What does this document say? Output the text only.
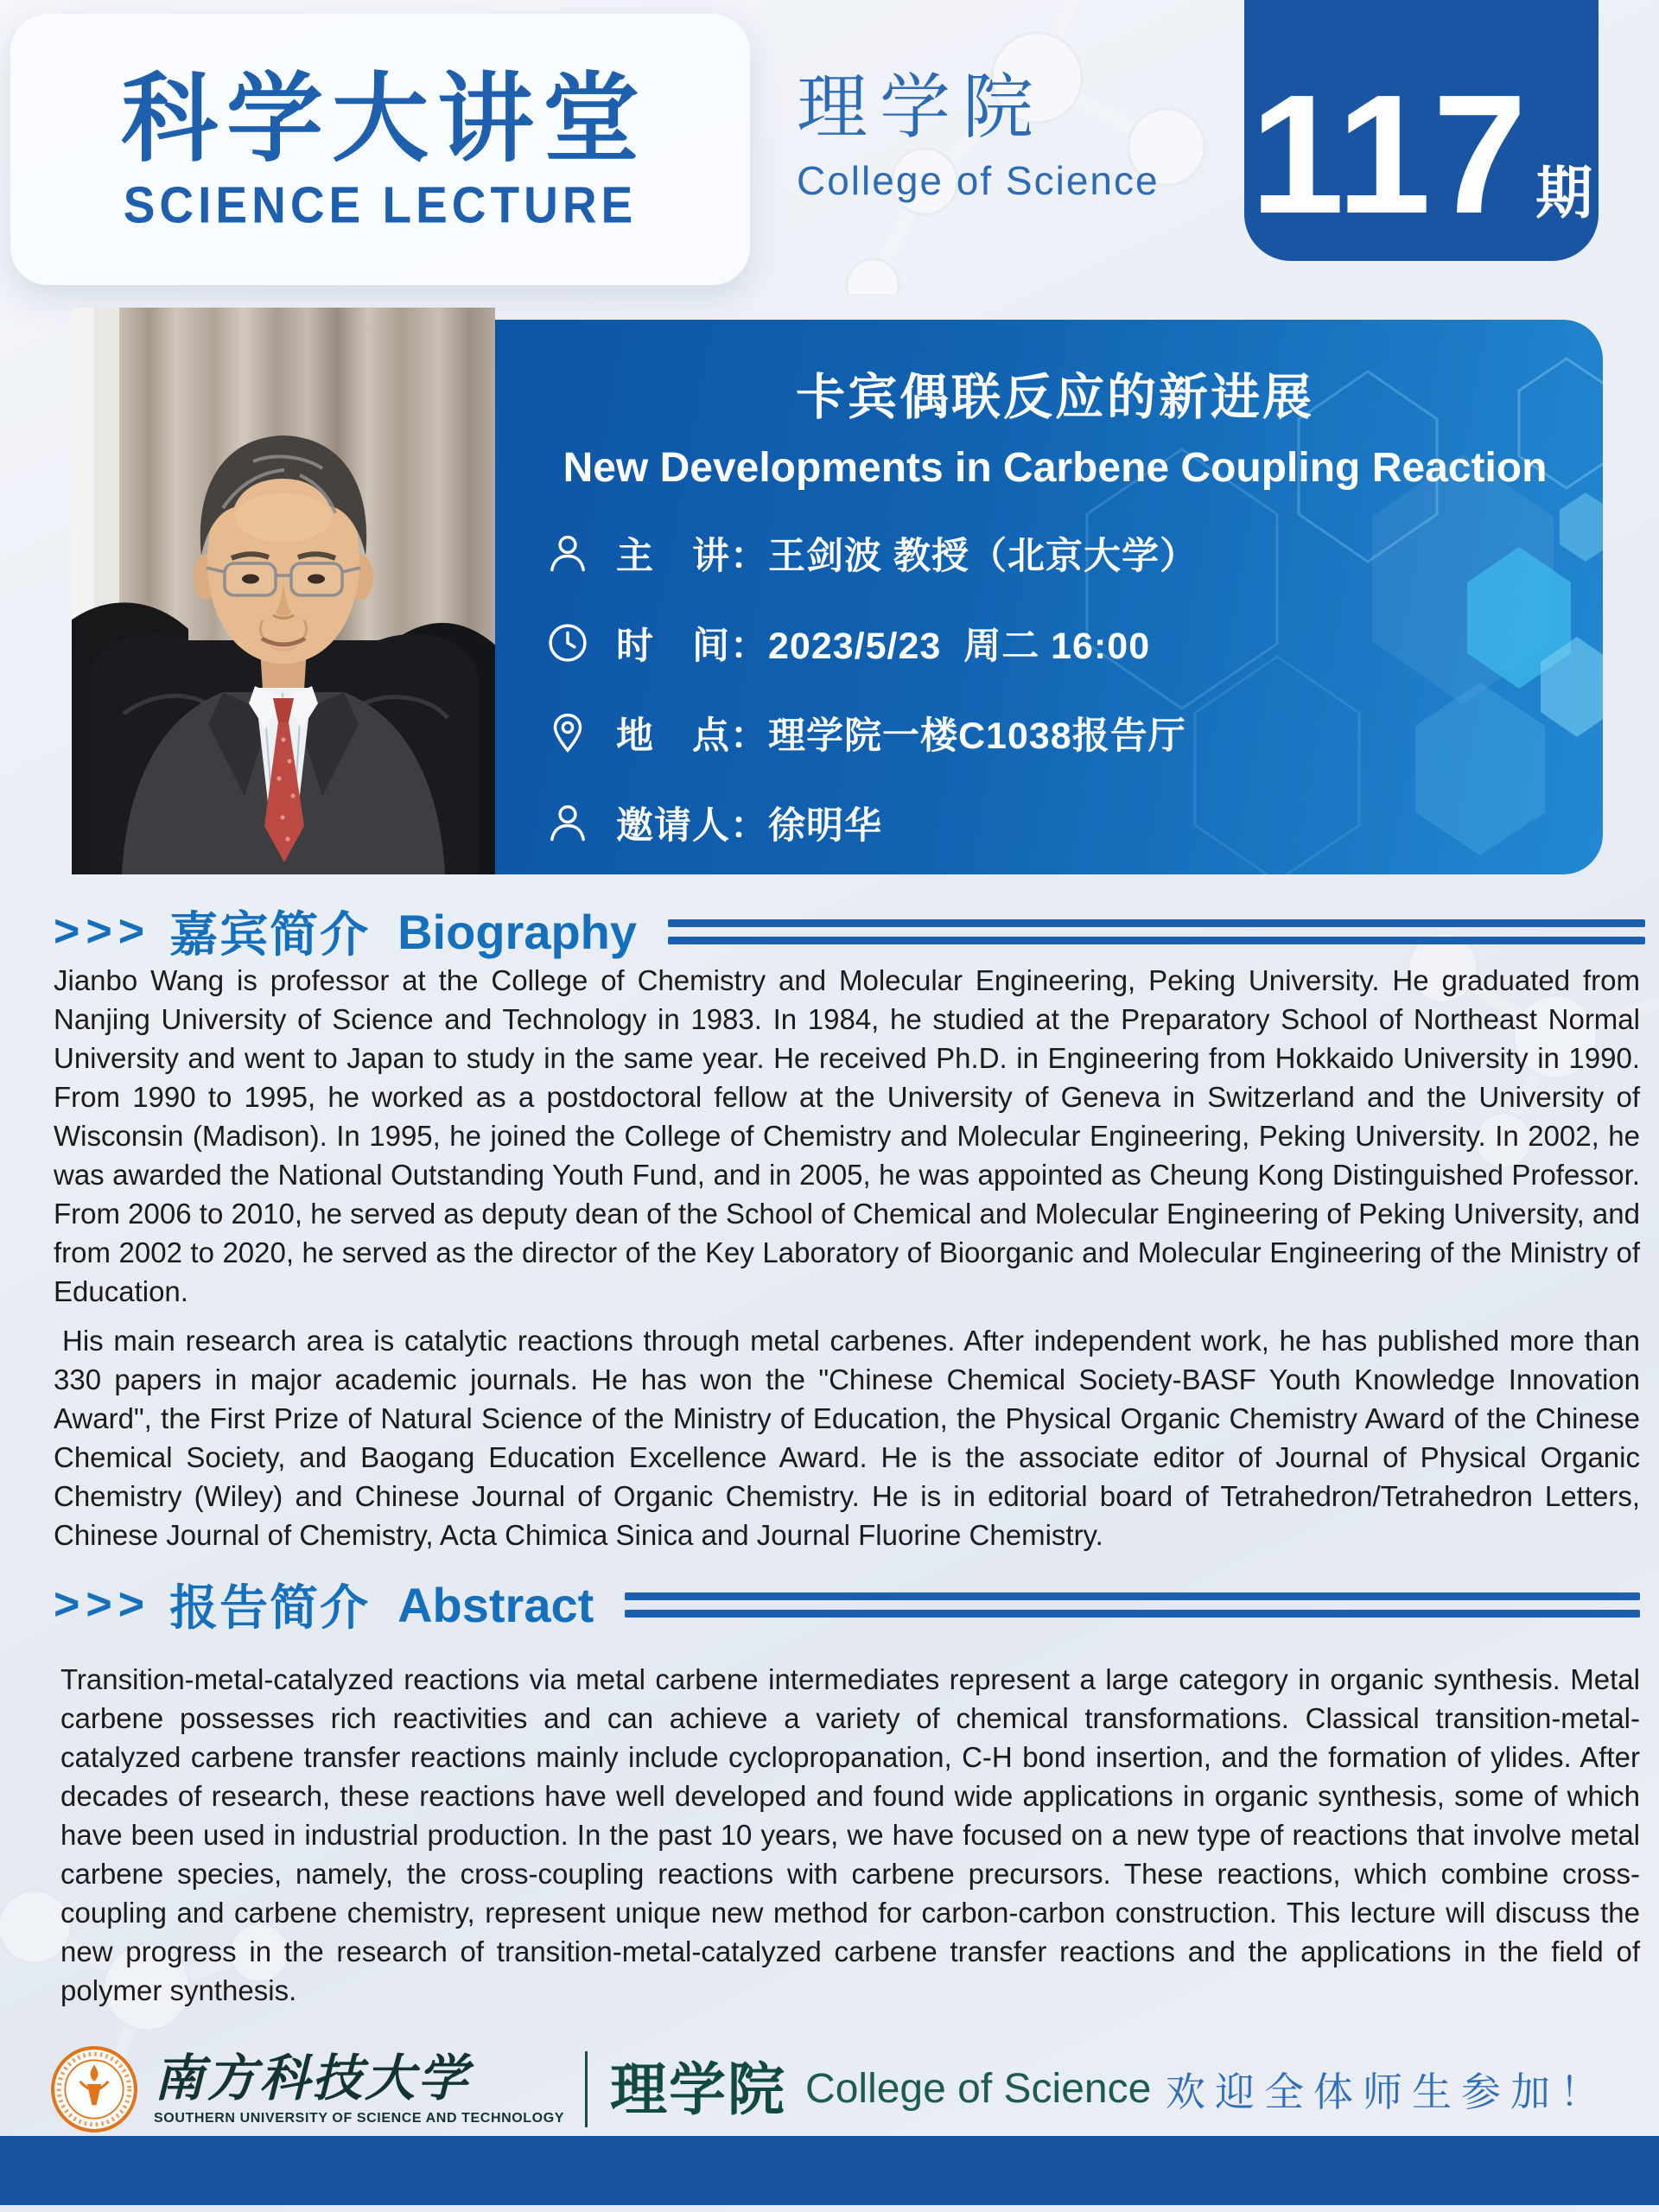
科学大讲堂
SCIENCE LECTURE
理学院
College of Science 117 期
卡宾偶联反应的新进展
New Developments in Carbene Coupling Reaction
主　讲：王剑波 教授（北京大学）
时　间：2023/5/23  周二 16:00
地　点：理学院一楼C1038报告厅
邀请人：徐明华
>>> 嘉宾简介 Biography

Jianbo Wang is professor at the College of Chemistry and Molecular Engineering, Peking University. He graduated from Nanjing University of Science and Technology in 1983. In 1984, he studied at the Preparatory School of Northeast Normal University and went to Japan to study in the same year. He received Ph.D. in Engineering from Hokkaido University in 1990. From 1990 to 1995, he worked as a postdoctoral fellow at the University of Geneva in Switzerland and the University of Wisconsin (Madison). In 1995, he joined the College of Chemistry and Molecular Engineering, Peking University. In 2002, he was awarded the National Outstanding Youth Fund, and in 2005, he was appointed as Cheung Kong Distinguished Professor. From 2006 to 2010, he served as deputy dean of the School of Chemical and Molecular Engineering of Peking University, and from 2002 to 2020, he served as the director of the Key Laboratory of Bioorganic and Molecular Engineering of the Ministry of Education.

His main research area is catalytic reactions through metal carbenes. After independent work, he has published more than 330 papers in major academic journals. He has won the "Chinese Chemical Society-BASF Youth Knowledge Innovation Award", the First Prize of Natural Science of the Ministry of Education, the Physical Organic Chemistry Award of the Chinese Chemical Society, and Baogang Education Excellence Award. He is the associate editor of Journal of Physical Organic Chemistry (Wiley) and Chinese Journal of Organic Chemistry. He is in editorial board of Tetrahedron/Tetrahedron Letters, Chinese Journal of Chemistry, Acta Chimica Sinica and Journal Fluorine Chemistry.

>>> 报告简介 Abstract

Transition-metal-catalyzed reactions via metal carbene intermediates represent a large category in organic synthesis. Metal carbene possesses rich reactivities and can achieve a variety of chemical transformations. Classical transition-metal-catalyzed carbene transfer reactions mainly include cyclopropanation, C-H bond insertion, and the formation of ylides. After decades of research, these reactions have well developed and found wide applications in organic synthesis, some of which have been used in industrial production. In the past 10 years, we have focused on a new type of reactions that involve metal carbene species, namely, the cross-coupling reactions with carbene precursors. These reactions, which combine cross-coupling and carbene chemistry, represent unique new method for carbon-carbon construction. This lecture will discuss the new progress in the research of transition-metal-catalyzed carbene transfer reactions and the applications in the field of polymer synthesis.

南方科技大学
SOUTHERN UNIVERSITY OF SCIENCE AND TECHNOLOGY 理学院 College of Science 欢迎全体师生参加！
